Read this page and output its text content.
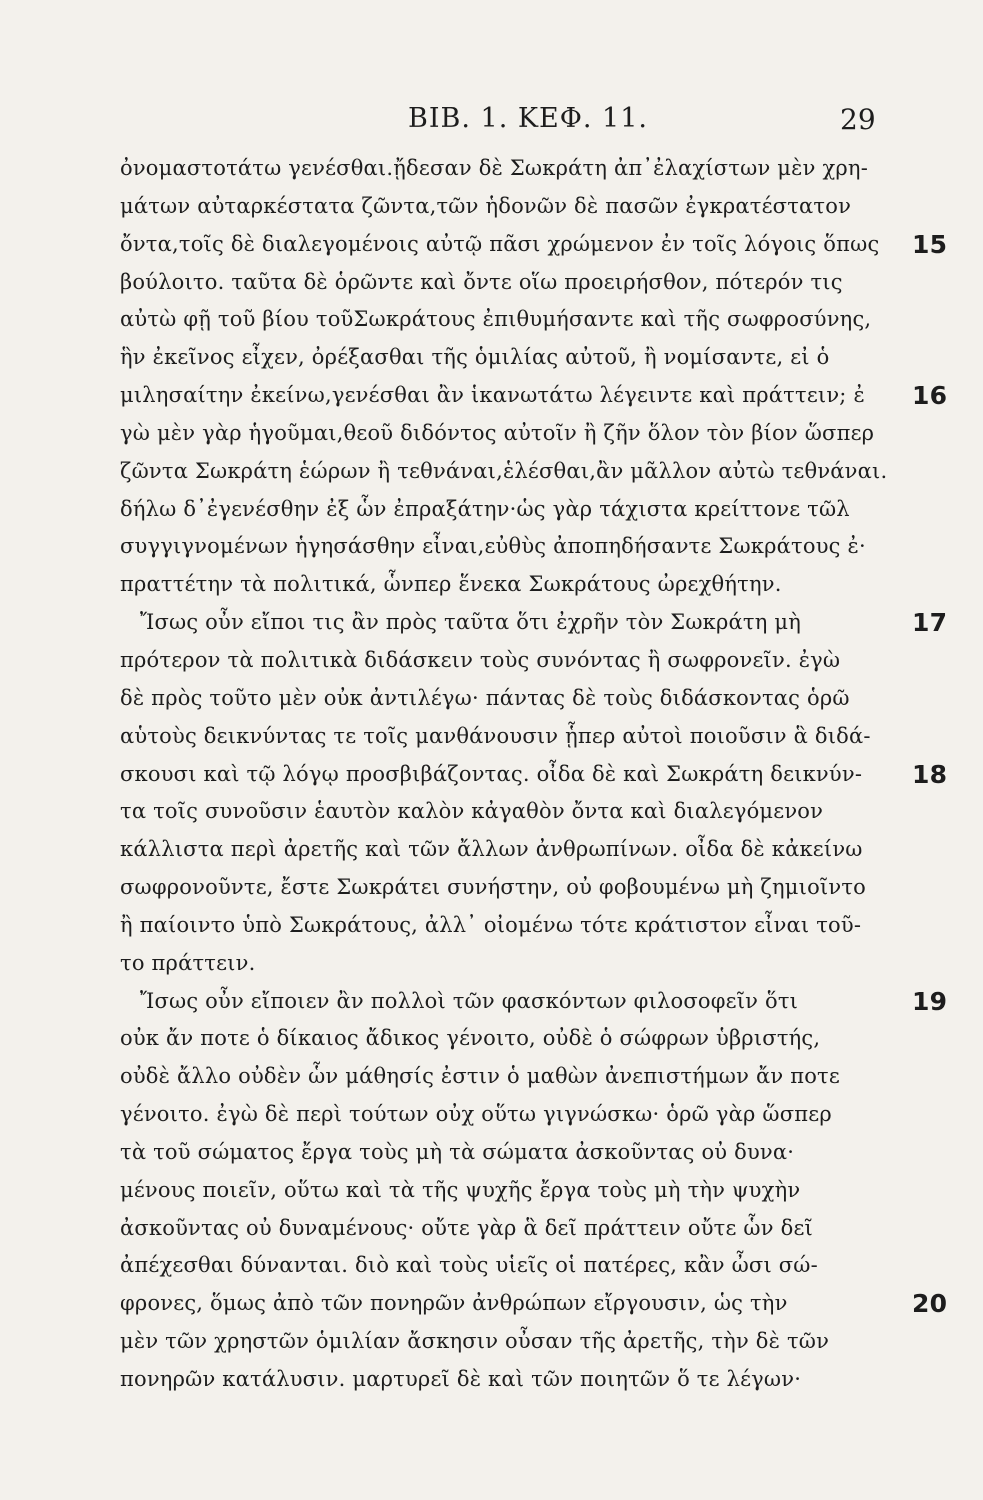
ΒΙΒ. 1. ΚΕΦ. 11.	29
ὀνομαστοτάτω γενέσθαι.ᾔδεσαν δὲ Σωκράτη ἀπ᾽ἐλαχίστων μὲν χρη-
μάτων αὐταρκέστατα ζῶντα,τῶν ἡδονῶν δὲ πασῶν ἐγκρατέστατον
ὄντα,τοῖς δὲ διαλεγομένοις αὐτῷ πᾶσι χρώμενον ἐν τοῖς λόγοις ὅπως 15
βούλοιτο. ταῦτα δὲ ὁρῶντε καὶ ὄντε οἵω προειρήσθον, πότερόν τις
αὐτὼ φῇ τοῦ βίου τοῦΣωκράτους ἐπιθυμήσαντε καὶ τῆς σωφροσύνης,
ἣν ἐκεῖνος εἶχεν, ὀρέξασθαι τῆς ὁμιλίας αὐτοῦ, ἢ νομίσαντε, εἰ ὁ
μιλησαίτην ἐκείνω,γενέσθαι ἂν ἱκανωτάτω λέγειντε καὶ πράττειν; ἐ 16
γὼ μὲν γὰρ ἡγοῦμαι,θεοῦ διδόντος αὐτοῖν ἢ ζῆν ὅλον τὸν βίον ὥσπερ
ζῶντα Σωκράτη ἑώρων ἢ τεθνάναι,ἑλέσθαι,ἂν μᾶλλον αὐτὼ τεθνάναι.
δήλω δ᾽ἐγενέσθην ἐξ ὧν ἐπραξάτην·ὡς γὰρ τάχιστα κρείττονε τῶλ
συγγιγνομένων ἡγησάσθην εἶναι,εὐθὺς ἀποπηδήσαντε Σωκράτους ἐ·
πραττέτην τὰ πολιτικά, ὧνπερ ἕνεκα Σωκράτους ὠρεχθήτην.
Ἴσως οὖν εἴποι τις ἂν πρὸς ταῦτα ὅτι ἐχρῆν τὸν Σωκράτη μὴ	17
πρότερον τὰ πολιτικὰ διδάσκειν τοὺς συνόντας ἢ σωφρονεῖν. ἐγὼ
δὲ πρὸς τοῦτο μὲν οὐκ ἀντιλέγω· πάντας δὲ τοὺς διδάσκοντας ὁρῶ
αὑτοὺς δεικνύντας τε τοῖς μανθάνουσιν ᾗπερ αὐτοὶ ποιοῦσιν ἃ διδά-
σκουσι καὶ τῷ λόγῳ προσβιβάζοντας. οἶδα δὲ καὶ Σωκράτη δεικνύν- 18
τα τοῖς συνοῦσιν ἑαυτὸν καλὸν κἀγαθὸν ὄντα καὶ διαλεγόμενον
κάλλιστα περὶ ἀρετῆς καὶ τῶν ἄλλων ἀνθρωπίνων. οἶδα δὲ κἀκείνω
σωφρονοῦντε, ἔστε Σωκράτει συνήστην, οὐ φοβουμένω μὴ ζημιοῖντο
ἢ παίοιντο ὑπὸ Σωκράτους, ἀλλ᾽ οἰομένω τότε κράτιστον εἶναι τοῦ-
το πράττειν.
Ἴσως οὖν εἴποιεν ἂν πολλοὶ τῶν φασκόντων φιλοσοφεῖν ὅτι	19
οὐκ ἄν ποτε ὁ δίκαιος ἄδικος γένοιτο, οὐδὲ ὁ σώφρων ὑβριστής,
οὐδὲ ἄλλο οὐδὲν ὧν μάθησίς ἐστιν ὁ μαθὼν ἀνεπιστήμων ἄν ποτε
γένοιτο. ἐγὼ δὲ περὶ τούτων οὐχ οὕτω γιγνώσκω· ὁρῶ γὰρ ὥσπερ
τὰ τοῦ σώματος ἔργα τοὺς μὴ τὰ σώματα ἀσκοῦντας οὐ δυνα·
μένους ποιεῖν, οὕτω καὶ τὰ τῆς ψυχῆς ἔργα τοὺς μὴ τὴν ψυχὴν
ἀσκοῦντας οὐ δυναμένους· οὔτε γὰρ ἃ δεῖ πράττειν οὔτε ὧν δεῖ
ἀπέχεσθαι δύνανται. διὸ καὶ τοὺς υἱεῖς οἱ πατέρες, κἂν ὦσι σώ-
φρονες, ὅμως ἀπὸ τῶν πονηρῶν ἀνθρώπων εἴργουσιν, ὡς τὴν	20
μὲν τῶν χρηστῶν ὁμιλίαν ἄσκησιν οὖσαν τῆς ἀρετῆς, τὴν δὲ τῶν
πονηρῶν κατάλυσιν. μαρτυρεῖ δὲ καὶ τῶν ποιητῶν ὅ τε λέγων·
